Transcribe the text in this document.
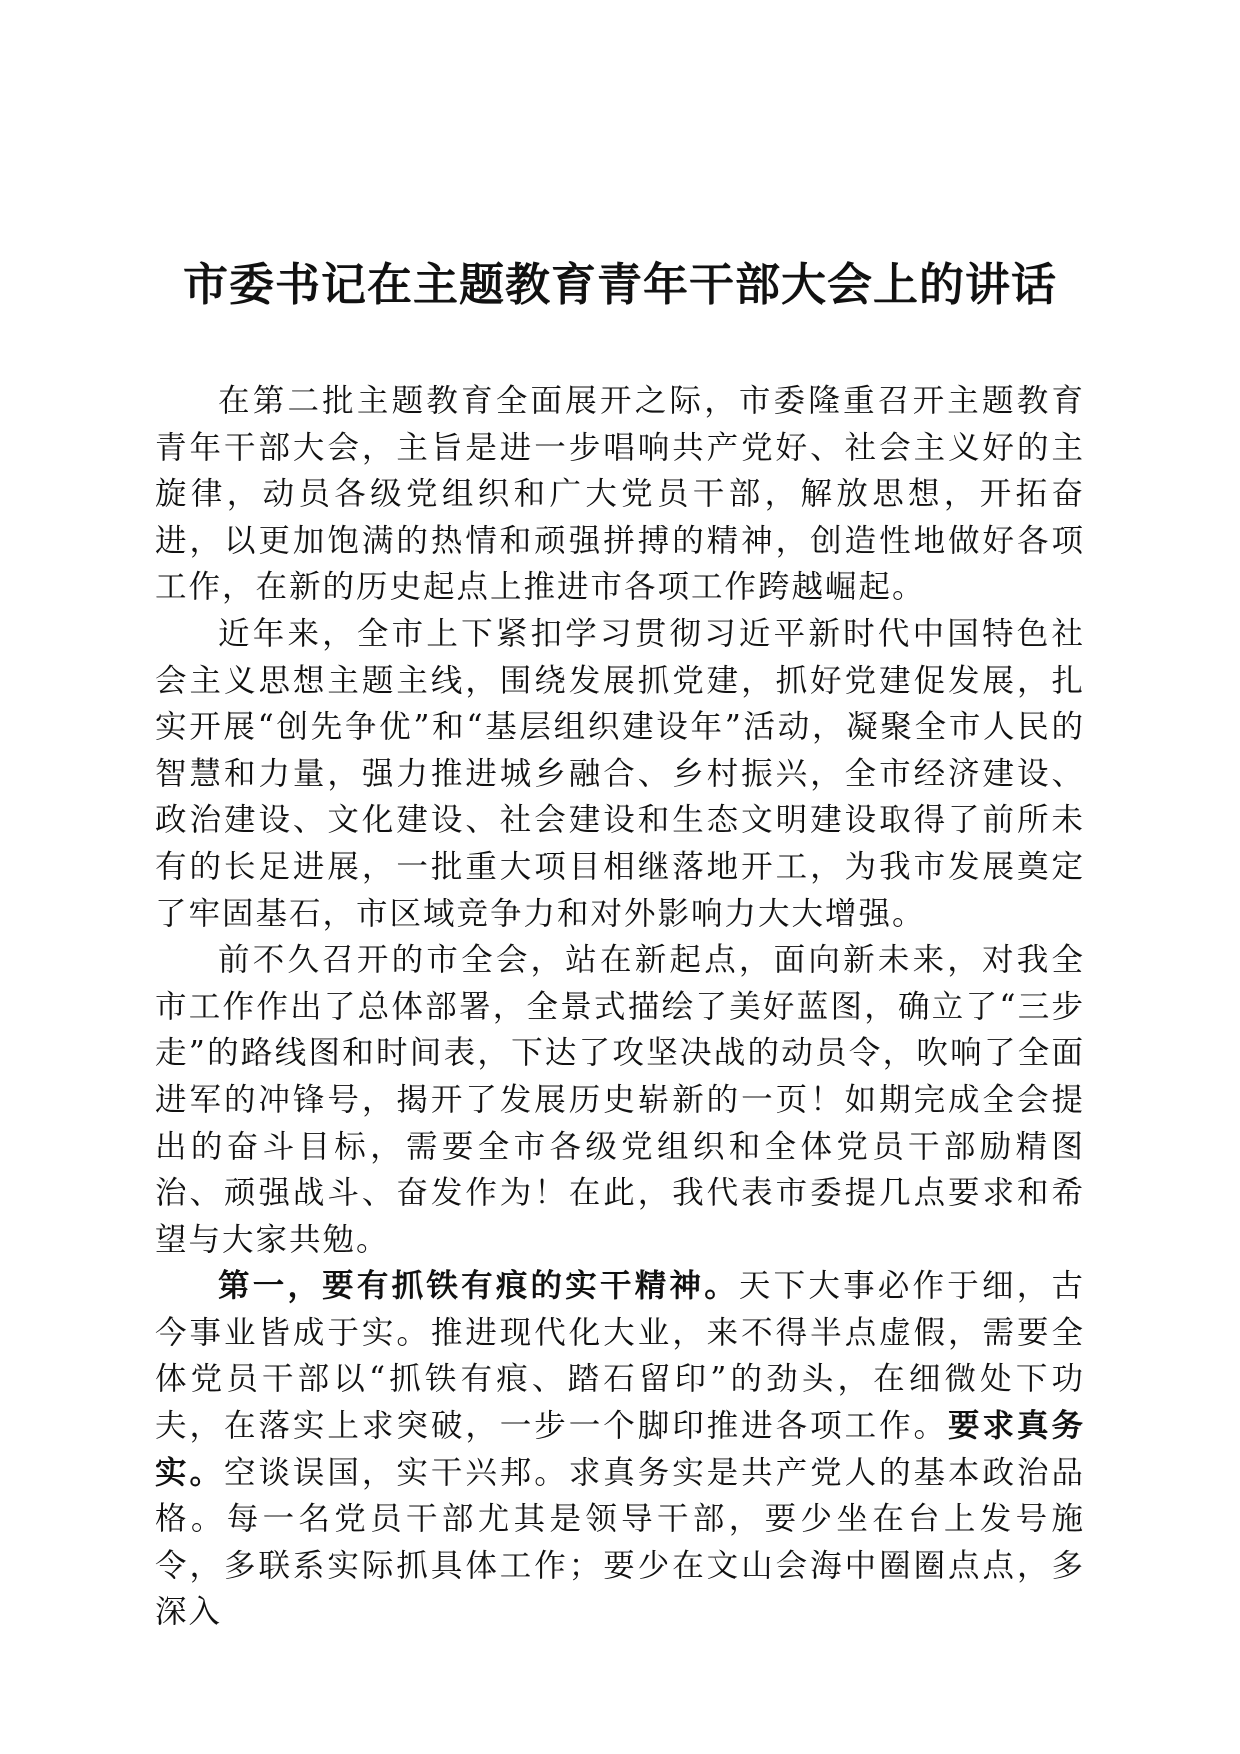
市委书记在主题教育青年干部大会上的讲话

在第二批主题教育全面展开之际，市委隆重召开主题教育青年干部大会，主旨是进一步唱响共产党好、社会主义好的主旋律，动员各级党组织和广大党员干部，解放思想，开拓奋进，以更加饱满的热情和顽强拼搏的精神，创造性地做好各项工作，在新的历史起点上推进市各项工作跨越崛起。

近年来，全市上下紧扣学习贯彻习近平新时代中国特色社会主义思想主题主线，围绕发展抓党建，抓好党建促发展，扎实开展“创先争优”和“基层组织建设年”活动，凝聚全市人民的智慧和力量，强力推进城乡融合、乡村振兴，全市经济建设、政治建设、文化建设、社会建设和生态文明建设取得了前所未有的长足进展，一批重大项目相继落地开工，为我市发展奠定了牢固基石，市区域竞争力和对外影响力大大增强。

前不久召开的市全会，站在新起点，面向新未来，对我全市工作作出了总体部署，全景式描绘了美好蓝图，确立了“三步走”的路线图和时间表，下达了攻坚决战的动员令，吹响了全面进军的冲锋号，揭开了发展历史崭新的一页！如期完成全会提出的奋斗目标，需要全市各级党组织和全体党员干部励精图治、顽强战斗、奋发作为！在此，我代表市委提几点要求和希望与大家共勉。

第一，要有抓铁有痕的实干精神。天下大事必作于细，古今事业皆成于实。推进现代化大业，来不得半点虚假，需要全体党员干部以“抓铁有痕、踏石留印”的劲头，在细微处下功夫，在落实上求突破，一步一个脚印推进各项工作。要求真务实。空谈误国，实干兴邦。求真务实是共产党人的基本政治品格。每一名党员干部尤其是领导干部，要少坐在台上发号施令，多联系实际抓具体工作；要少在文山会海中圈圈点点，多深入
